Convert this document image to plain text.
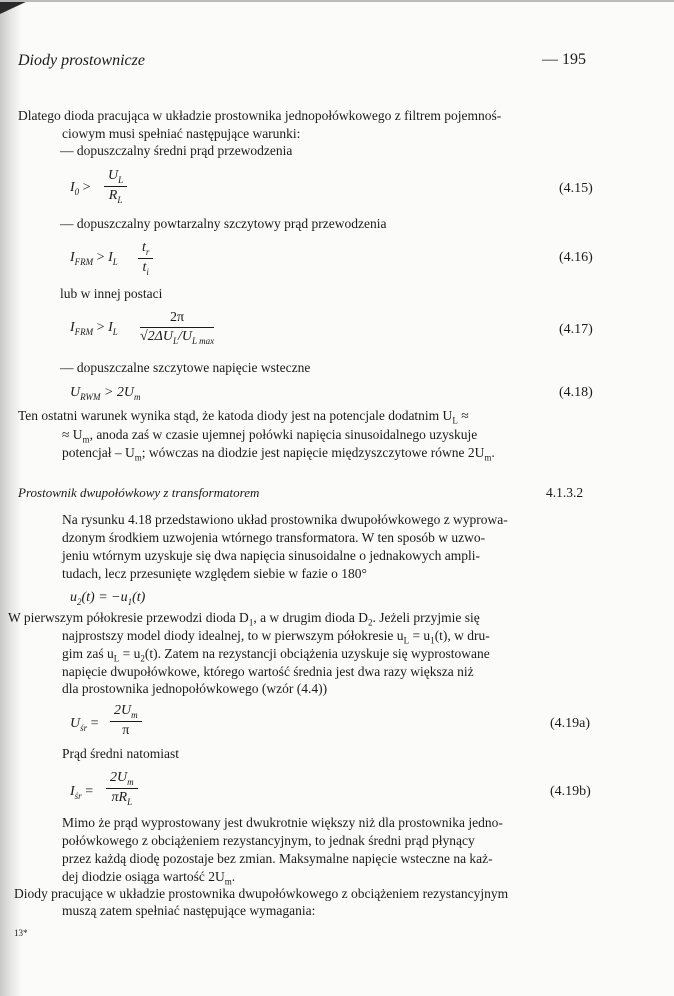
Diody prostownicze	— 195
Dlatego dioda pracująca w układzie prostownika jednopołówkowego z filtrem pojemnoś-
ciowym musi spełniać następujące warunki:
— dopuszczalny średni prąd przewodzenia
$I_0 > \frac{U_L}{R_L}$	(4.15)
— dopuszczalny powtarzalny szczytowy prąd przewodzenia
$I_{FRM} > I_L \frac{t_r}{t_i}$	(4.16)
lub w innej postaci
$I_{FRM} > I_L$
2π
$√2\Delta U_L/U_{L max}$
(4.17)
— dopuszczalne szczytowe napięcie wsteczne
$U_{RWM} > 2U_m$	(4.18)
Ten ostatni warunek wynika stąd, że katoda diody jest na potencjale dodatnim $U_L$ ≈
≈ $U_m$, anoda zaś w czasie ujemnej połówki napięcia sinusoidalnego uzyskuje
potencjał – $U_m$; wówczas na diodzie jest napięcie międzyszczytowe równe $2U_m$.
Prostownik dwupołówkowy z transformatorem	4.1.3.2
Na rysunku 4.18 przedstawiono układ prostownika dwupołówkowego z wyprowa-
dzonym środkiem uzwojenia wtórnego transformatora. W ten sposób w uzwo-
jeniu wtórnym uzyskuje się dwa napięcia sinusoidalne o jednakowych ampli-
tudach, lecz przesunięte względem siebie w fazie o 180°
$u_2(t) = -u_1(t)$
W pierwszym półokresie przewodzi dioda $D_1$, a w drugim dioda $D_2$. Jeżeli przyjmie się
najprostszy model diody idealnej, to w pierwszym półokresie $u_L = u_1(t)$, w dru-
gim zaś $u_L = u_2(t)$. Zatem na rezystancji obciążenia uzyskuje się wyprostowane
napięcie dwupołówkowe, którego wartość średnia jest dwa razy większa niż
dla prostownika jednopołówkowego (wzór (4.4))
$U_{śr} = \frac{2U_m}{\pi}$	(4.19a)
Prąd średni natomiast
$I_{śr}$ =
$2U_m$
$\pi R_L$
(4.19b)
Mimo że prąd wyprostowany jest dwukrotnie większy niż dla prostownika jedno-
połówkowego z obciążeniem rezystancyjnym, to jednak średni prąd płynący
przez każdą diodę pozostaje bez zmian. Maksymalne napięcie wsteczne na każ-
dej diodzie osiąga wartość $2U_m$.
Diody pracujące w układzie prostownika dwupołówkowego z obciążeniem rezystancyjnym
muszą zatem spełniać następujące wymagania:
13*
